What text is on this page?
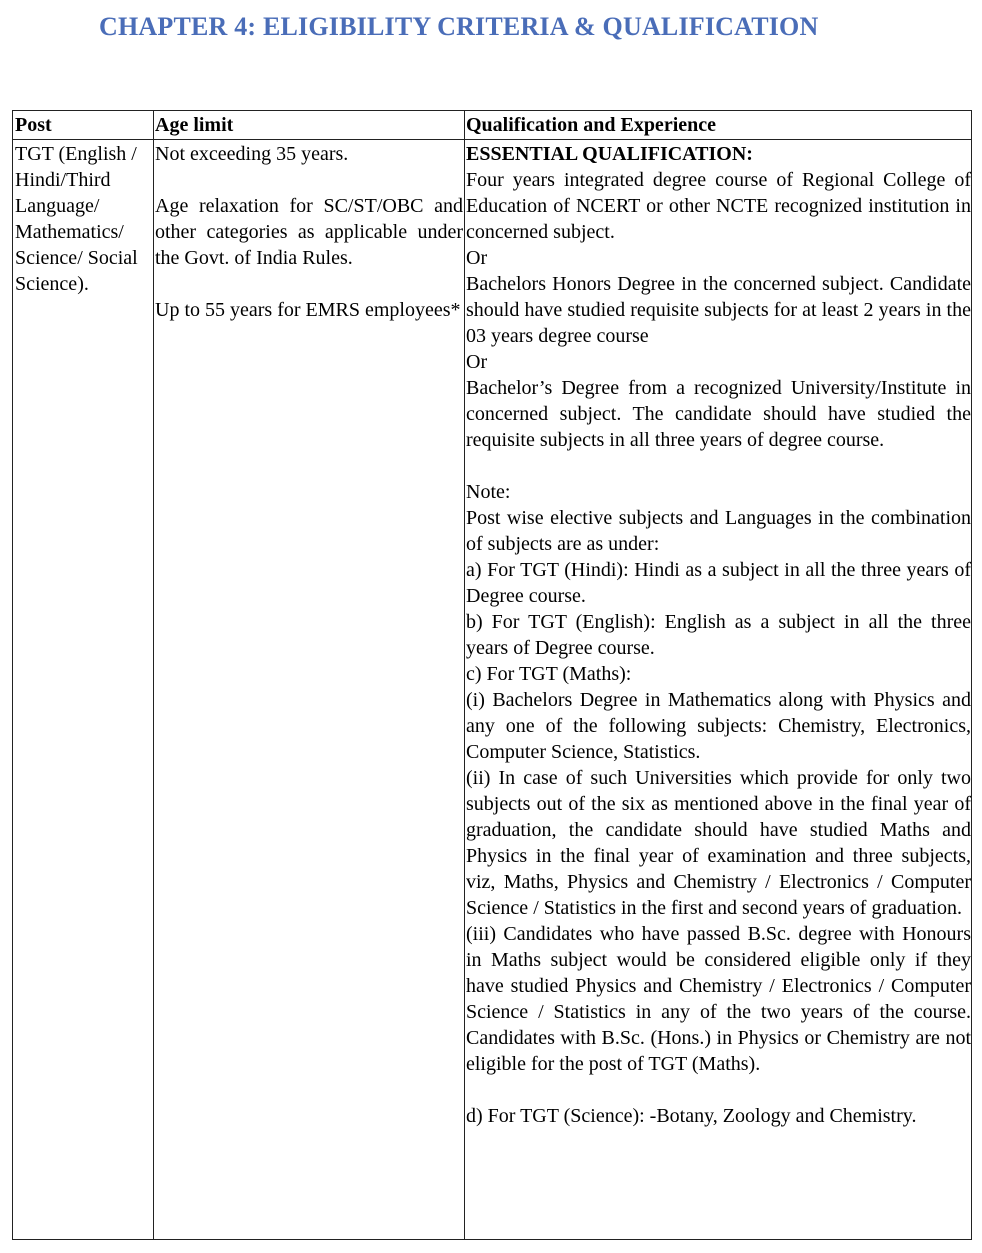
CHAPTER 4: ELIGIBILITY CRITERIA & QUALIFICATION
Post	Age limit	Qualification and Experience
TGT (English / Hindi/Third Language/ Mathematics/ Science/ Social Science).
Not exceeding 35 years.
Age relaxation for SC/ST/OBC and other categories as applicable under the Govt. of India Rules.
Up to 55 years for EMRS employees*
ESSENTIAL QUALIFICATION:
Four years integrated degree course of Regional College of Education of NCERT or other NCTE recognized institution in concerned subject.
Or
Bachelors Honors Degree in the concerned subject. Candidate should have studied requisite subjects for at least 2 years in the 03 years degree course
Or
Bachelor’s Degree from a recognized University/Institute in concerned subject. The candidate should have studied the requisite subjects in all three years of degree course.
Note:
Post wise elective subjects and Languages in the combination of subjects are as under:
a) For TGT (Hindi): Hindi as a subject in all the three years of Degree course.
b) For TGT (English): English as a subject in all the three years of Degree course.
c) For TGT (Maths):
(i) Bachelors Degree in Mathematics along with Physics and any one of the following subjects: Chemistry, Electronics, Computer Science, Statistics.
(ii) In case of such Universities which provide for only two subjects out of the six as mentioned above in the final year of graduation, the candidate should have studied Maths and Physics in the final year of examination and three subjects, viz, Maths, Physics and Chemistry / Electronics / Computer Science / Statistics in the first and second years of graduation.
(iii) Candidates who have passed B.Sc. degree with Honours in Maths subject would be considered eligible only if they have studied Physics and Chemistry / Electronics / Computer Science / Statistics in any of the two years of the course. Candidates with B.Sc. (Hons.) in Physics or Chemistry are not eligible for the post of TGT (Maths).
d) For TGT (Science): -Botany, Zoology and Chemistry.
